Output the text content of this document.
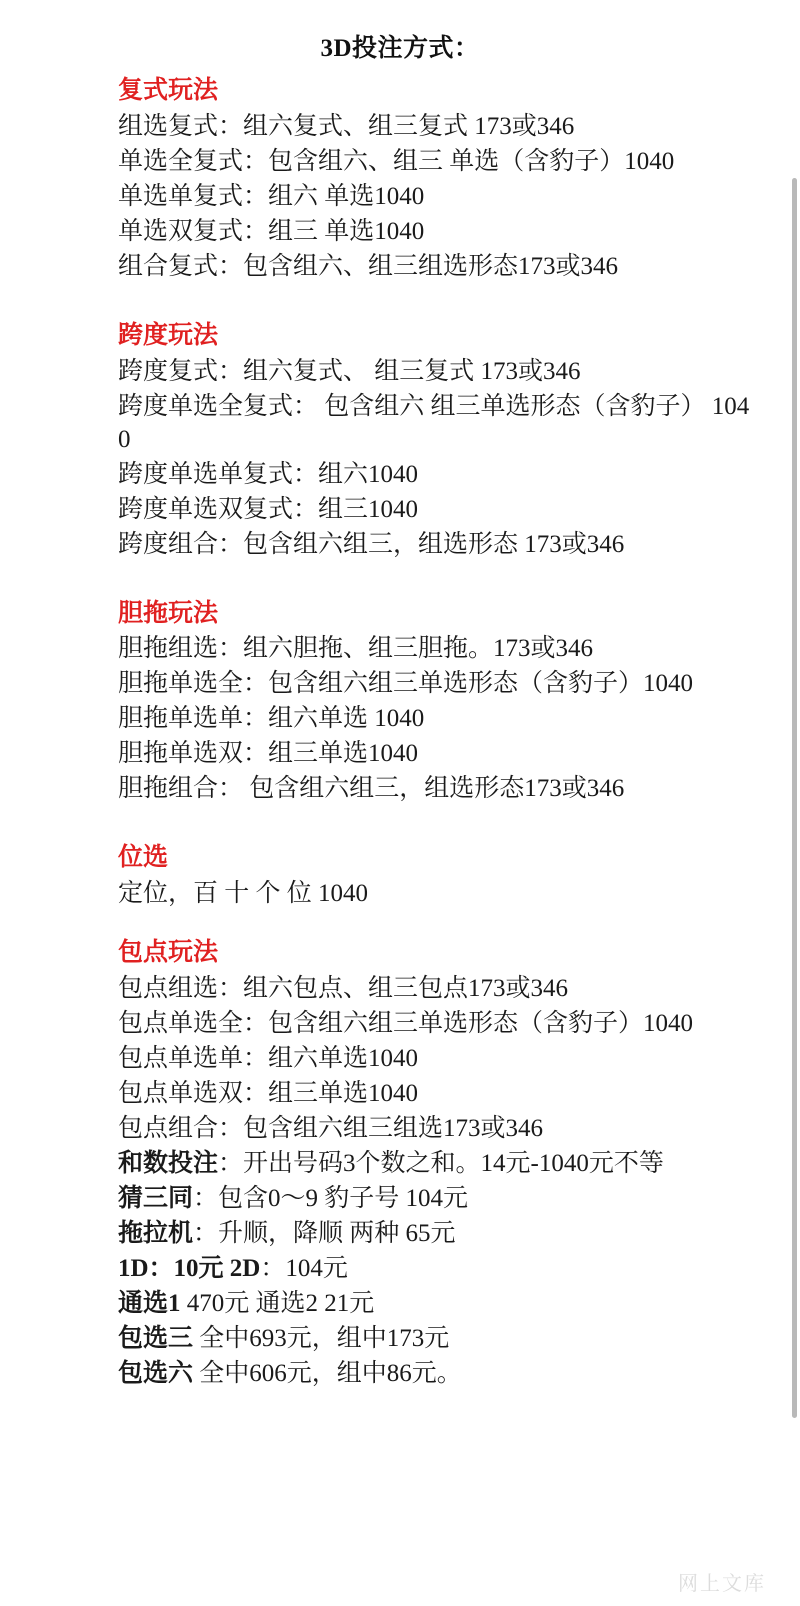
3D投注方式：
复式玩法
组选复式：组六复式、组三复式 173或346
单选全复式：包含组六、组三 单选（含豹子）1040
单选单复式：组六 单选1040
单选双复式：组三 单选1040
组合复式：包含组六、组三组选形态173或346
跨度玩法
跨度复式：组六复式、 组三复式 173或346
跨度单选全复式： 包含组六 组三单选形态（含豹子） 1040
跨度单选单复式：组六1040
跨度单选双复式：组三1040
跨度组合：包含组六组三，组选形态 173或346
胆拖玩法
胆拖组选：组六胆拖、组三胆拖。173或346
胆拖单选全：包含组六组三单选形态（含豹子）1040
胆拖单选单：组六单选 1040
胆拖单选双：组三单选1040
胆拖组合： 包含组六组三，组选形态173或346
位选
定位，百 十 个 位 1040
包点玩法
包点组选：组六包点、组三包点173或346
包点单选全：包含组六组三单选形态（含豹子）1040
包点单选单：组六单选1040
包点单选双：组三单选1040
包点组合：包含组六组三组选173或346
和数投注：开出号码3个数之和。14元-1040元不等
猜三同：包含0～9 豹子号 104元
拖拉机：升顺，降顺 两种 65元
1D：10元 2D：104元
通选1 470元 通选2 21元
包选三 全中693元，组中173元
包选六 全中606元，组中86元。
网上文库
